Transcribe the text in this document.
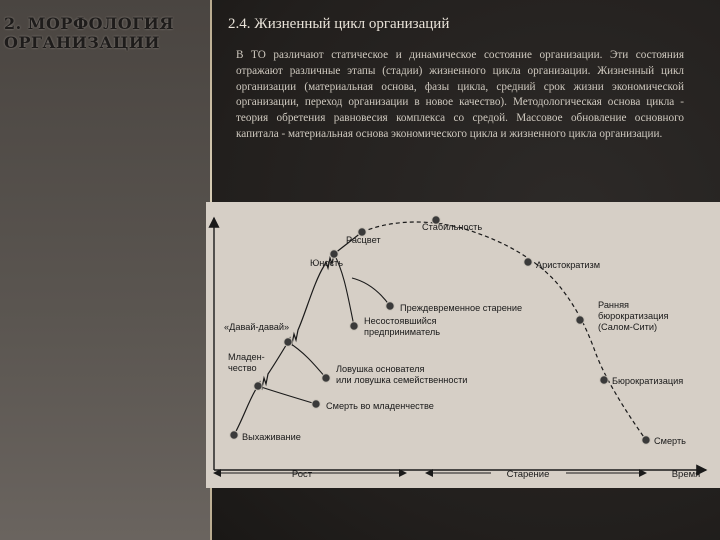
2. МОРФОЛОГИЯ ОРГАНИЗАЦИИ
2.4. Жизненный цикл организаций
В ТО различают статическое и динамическое состояние организации. Эти состояния отражают различные этапы (стадии) жизненного цикла организации. Жизненный цикл организации (материальная основа, фазы цикла, средний срок жизни экономической организации, переход организации в новое качество). Методологическая основа цикла - теория обретения равновесия комплекса со средой. Массовое обновление основного капитала - материальная основа экономического цикла и жизненного цикла организации.
Выхаживание
Младен-чество
«Давай-давай»
Юность
Расцвет
Стабильность
Аристократизм
Ранняя бюрократизация (Салом-Сити)
Бюрократизация
Смерть
Смерть во младенчестве
Ловушка основателя или ловушка семейственности
Несостоявшийся предприниматель
Преждевременное старение
Рост	Старение	Время
